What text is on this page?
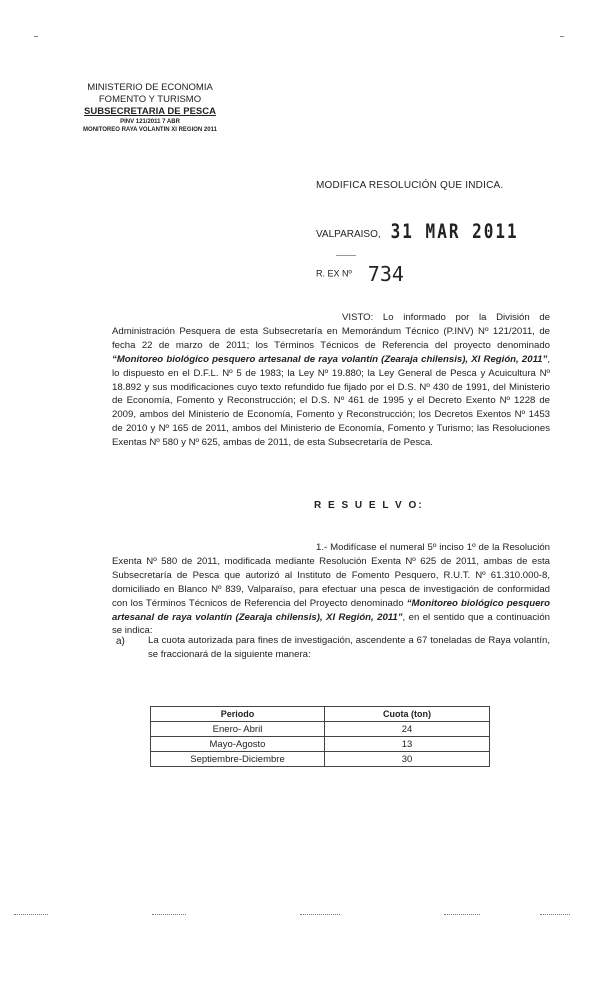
MINISTERIO DE ECONOMIA
FOMENTO Y TURISMO
SUBSECRETARIA DE PESCA
PINV 121/2011 7 ABR
MONITOREO RAYA VOLANTIN XI REGION 2011
MODIFICA RESOLUCIÓN QUE INDICA.
VALPARAISO, 31 MAR 2011
R. EX Nº 734
VISTO: Lo informado por la División de Administración Pesquera de esta Subsecretaría en Memorándum Técnico (P.INV) Nº 121/2011, de fecha 22 de marzo de 2011; los Términos Técnicos de Referencia del proyecto denominado “Monitoreo biológico pesquero artesanal de raya volantín (Zearaja chilensis), XI Región, 2011”, lo dispuesto en el D.F.L. Nº 5 de 1983; la Ley Nº 19.880; la Ley General de Pesca y Acuicultura Nº 18.892 y sus modificaciones cuyo texto refundido fue fijado por el D.S. Nº 430 de 1991, del Ministerio de Economía, Fomento y Reconstrucción; el D.S. Nº 461 de 1995 y el Decreto Exento Nº 1228 de 2009, ambos del Ministerio de Economía, Fomento y Reconstrucción; los Decretos Exentos Nº 1453 de 2010 y Nº 165 de 2011, ambos del Ministerio de Economía, Fomento y Turismo; las Resoluciones Exentas Nº 580 y Nº 625, ambas de 2011, de esta Subsecretaría de Pesca.
R E S U E L V O:
1.- Modifícase el numeral 5º inciso 1º de la Resolución Exenta Nº 580 de 2011, modificada mediante Resolución Exenta Nº 625 de 2011, ambas de esta Subsecretaría de Pesca que autorizó al Instituto de Fomento Pesquero, R.U.T. Nº 61.310.000-8, domiciliado en Blanco Nº 839, Valparaíso, para efectuar una pesca de investigación de conformidad con los Términos Técnicos de Referencia del Proyecto denominado “Monitoreo biológico pesquero artesanal de raya volantín (Zearaja chilensis), XI Región, 2011”, en el sentido que a continuación se indica:
a) La cuota autorizada para fines de investigación, ascendente a 67 toneladas de Raya volantín, se fraccionará de la siguiente manera:
Periodo	Cuota (ton)
Enero- Abril	24
Mayo-Agosto	13
Septiembre-Diciembre	30
